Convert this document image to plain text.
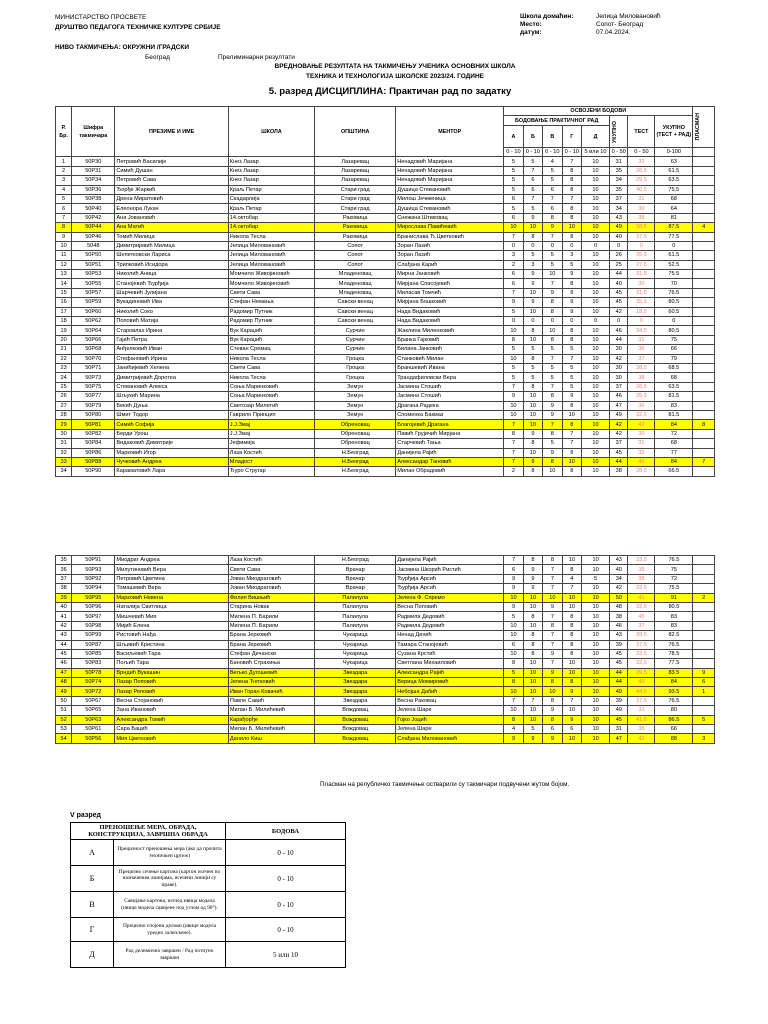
МИНИСТАРСТВО ПРОСВЕТЕ
ДРУШТВО ПЕДАГОГА ТЕХНИЧКЕ КУЛТУРЕ СРБИЈЕ
НИВО ТАКМИЧЕЊА: ОКРУЖНИ /ГРАДСКИ
Београд	Прелиминарни резултати
Школа домаћин:	Јелица Миловановић
Место:	Сопот- Београд
датум:	07.04.2024.
ВРЕДНОВАЊЕ РЕЗУЛТАТА НА ТАКМИЧЕЊУ УЧЕНИКА ОСНОВНИХ ШКОЛА
ТЕХНИКА И ТЕХНОЛОГИЈА ШКОЛСКЕ 2023/24. ГОДИНЕ
5. разред ДИСЦИПЛИНА: Практичан рад по задатку
Р. Бр.	Шифра такмичара	ПРЕЗИМЕ И ИМЕ	ШКОЛА	ОПШТИНА	МЕНТОР	ОСВОЈЕНИ БОДОВИ								ПЛАСМАН

						БОДОВАЊЕ ПРАКТИЧНОГ РАД					УКУПНО	ТЕСТ	УКУПНО (ТЕСТ + РАД)	
						А	Б	В	Г	Д				
						0 - 10	0 - 10	0 - 10	0 - 10	5 или 10	0 - 50	0 - 50	0-100	
1	50P30	Петровић Василије	Кнез Лазар	Лазаревац	Ненадовић Маријана	5	5	4	7	10	31	32	63	
2	50P31	Симић Душан	Кнез Лазар	Лазаревац	Ненадовић Маријана	5	7	5	8	10	35	26,5	61.5	
3	50P34	Петровић Сава	Кнез Лазар	Лазаревац	Ненадовић Маријана	5	6	5	8	10	34	29,5	63.5	
4	50P36	Ђорђе Жаркић	Краљ Петар	Стари град	Душица Стевановић	5	6	6	8	10	35	40,5	75.5	
5	50P38	Дрена Миратовић	Скадарлија	Стари град	Милош Јечменица	6	7	7	7	10	37	31	68	
6	50P40	Елеонора Лукач	Краљ Петар	Стари град	Душица Стевановић	5	5	6	8	10	34	30	64	
7	50P42	Ана Јовановић	14.октобар	Раковица	Снежана Штиковац	6	9	8	8	10	43	38	81	
8	50P44	Ана Матић	14.октобар	Раковица	Мирослава Павићевић	10	10	9	10	10	49	38,5	87.5	4
9	50P46	Томић Милица	Никола Тесла	Раковица	Бранислава Ђ.Цветковић	7	8	7	8	10	40	37,5	77.5	
10	5048	Димитријевић Милица	Јелица Миловановић	Сопот	Зоран Лазић	0	0	0	0	0	0	0	0	
11	50P50	Шепетковски Лариса	Јелица Миловановић	Сопот	Зоран Лазић	3	5	5	3	10	26	35,5	61.5	
12	50P51	Трипковић Исидора	Јелица Миловановић	Сопот	Слађана Карић	2	3	5	5	10	25	27,5	52.5	
13	50P53	Николић Аница	Момчило Живојиновић	Младеновац	Мирна Јанковић	6	9	10	9	10	44	31,5	75.5	
14	50P55	Станојевић Ђурђија	Момчило Живојиновић	Младеновац	Мирјана Спасојевић	6	9	7	8	10	40	30	70	
15	50P57	Шарчевић Јулијана	Свети Сава	Младеновац	Миласав Томчић	7	10	9	9	10	45	31,5	76.5	
16	50P59	Вукадиновић Ива	Стефан Немања	Савски венац	Мирјана Бошковић	9	9	8	9	10	45	35,5	80.5	
17	50P60	Николић Соко	Радомир Путник	Савски венац	Нада Видаковић	5	10	8	9	10	42	18,5	60.5	
18	50P62	Поповић Матија	Радомир Путник	Савски венац	Нада Видаковић	0	0	0	0	0	0	0	0	
19	50P64	Старовлах Ирина	Вук Караџић	Сурчин	Жаклина Миленковић	10	8	10	8	10	46	34,5	80.5	
20	50P66	Гајић Петра	Вук Караџић	Сурчин	Бранка Гајковић	8	10	8	8	10	44	31	75	
21	50P68	Анђелковић Иван	Стеван Сремац	Сурчин	Билана Јанковић	5	5	5	5	10	30	36	66	
22	50P70	Стефановић Ирина	Никола Тесла	Гроцка	Станковић Милан	10	8	7	7	10	42	37	79	
23	50P71	Јанићијевић Хелена	Свети Сава	Гроцка	Браншевић Ивана	5	5	5	5	10	30	38,5	68.5	
24	50P73	Димитријевић Доротеа	Никола Тесла	Гроцка	Трандафиловски Вера	5	5	5	5	10	30	38	68	
25	50P75	Стевановић Алекса	Соња Маринковић	Земун	Јасмина Стошић	7	8	7	5	10	37	26,5	63.5	
26	50P77	Шљукић Марина	Соња Маринковић	Земун	Јасмина Стошић	9	10	8	9	10	46	35,5	81.5	
27	50P79	Бекић Дуња	Светозар Милетић	Земун	Драгана Радека	10	10	9	8	10	47	36	83	
28	50P80	Шмит Тодор	Гаврило Принцип	Земун	Споменка Бакмаз	10	10	9	10	10	49	32,5	81.5	
29	50P81	Симић Софија	J.J.Змај	Обреновац	Благојевић Драгана	7	10	7	8	10	42	42	84	8
30	50P82	Берди Урош	J.J.Змај	Обреновац	Павић Грујичић Мирјана	8	9	8	7	10	42	30	72	
31	50P84	Видаковић Димитрије	Јефимија	Обреновац	Старчевић Тања	7	8	5	7	10	37	31	68	
32	50P86	Марковић Игор	Лаза Костић	Н.Београд	Данијела Рајић	7	10	9	9	10	45	32	77	
33	50P88	Чучковић Андреа	Младост	Н.Београд	Александар Тановић	7	9	8	10	10	44	40	84	7
34	50P90	Караматовић Лара	Ђуро Стругар	Н.Београд	Милан Обрадовић	2	8	10	8	10	38	28,5	66.5	
35	50P91	Миодраг Андреа	Лаза Костић	Н.Београд	Данијела Рајић	7	8	8	10	10	43	33,5	76.5	
36	50P93	Милутиновић Вера	Свети Сава	Врачар	Јасмина Шкорић Ристић	6	9	7	8	10	40	35	75	
37	50P92	Петровић Цветина	Јован Миодраговић	Врачар	Ђурђија Арсић	9	9	7	4	5	34	38	72	
38	50P94	Томашевић Вера	Јован Миодраговић	Врачар	Ђурђија Арсић	9	9	7	7	10	42	33,5	75.5	
39	50P95	Марковић Невена	Филип Вишњић	Палилула	Јелена Ф. Спремо	10	10	10	10	10	50	41	91	2
40	50P96	Наталија Свитлица	Старина Новак	Палилула	Весна Поповић	9	10	9	10	10	48	32,5	80.5	
41	50P97	Мишчевић Мия	Милена П. Барили	Палилула	Радмила Дедовић	5	8	7	8	10	38	45	83	
42	50P98	Мијић Елена	Милена П. Барили	Палилула	Радмила Дедовић	10	10	8	8	10	46	37	83	
43	50P99	Ристовић Нађа	Брана Јерковић	Чукарица	Ненад Денић	10	8	7	8	10	43	39,5	82.5	
44	50P87	Шљивић Кристина	Брана Јерковић	Чукарица	Тамара Станојевић	6	8	7	8	10	39	37,5	76.5	
45	50P85	Васиљевић Тара	Стефан Дечански	Чукарица	Сузана Крстић	10	8	9	8	10	45	33,5	78.5	
46	50P83	Пољић Тара	Бановић Страхиња	Чукарица	Светлана Михаиловић	8	10	7	10	10	45	32,5	77.5	
47	50P78	Врндић Вукашин	Вељко Дугошевић	Звездара	Александра Рајић	5	10	9	10	10	44	39,5	83.5	9
48	50P74	Лазар Поповић	Јелена Ћетковић	Звездара	Верица Момировић	8	10	8	8	10	44	40	84	6
49	50P72	Лазар Реповић	Иван Горан Ковачић	Звездара	Небојша Дабић	10	10	10	9	10	49	44,5	93.5	1
50	50P67	Весна Стојановић	Павле Савић	Звездара	Весна Раковац	7	7	8	7	10	39	37,5	76.5	
51	50P65	Зана Ивановић	Милан Б. Милићевић	Вождовац	Јелена Шаре	10	10	9	10	10	49	31	80	
52	50P63	Александра Томић	Карађорђе	Вождовац	Гојко Јоцић	8	10	8	9	10	45	41,5	86.5	5
53	50P61	Сара Бацић	Милан Б. Милићевић	Вождовац	Јелена Шаре	4	5	6	6	10	31	35	66	
54	50P56	Мия Цветковић	Данило Киш	Вождовац	Слађана Миловановић	9	9	9	10	10	47	41	88	3
Пласман на републичко такмичење остварили су такмичари подвучени жутом бојом.
V разред
ПРЕНОШЕЊЕ МЕРА, ОБРАДА, КОНСТРУКЦИЈА, ЗАВРШНА ОБРАДА		БОДОВА
А	Прецизност преношења мера (ако да прочита техничкеи цртеж)	0 - 10
Б	Прецизно сечење картона (картон исечен по назначеним линијама, исечени линији су праве).	0 - 10
В	Савијање картона, изглед ивица модела (ивице модела савијене под углом од 90°).	0 - 10
Г	Прецизно спојени делови (ивице модела уредно залепљене).	0 - 10
Д	Рад делимично завршен / Рад потпуно завршен	5 или 10
